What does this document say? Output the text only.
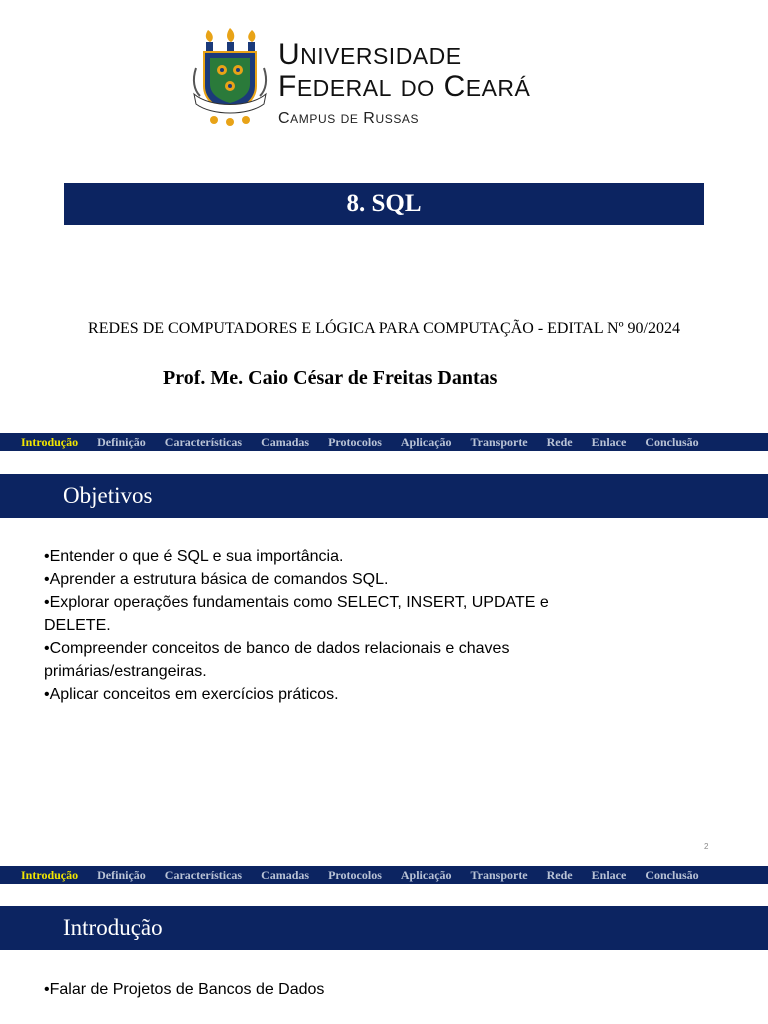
UNIVERSIDADE
FEDERAL DO CEARÁ
CAMPUS DE RUSSAS
8. SQL
REDES DE COMPUTADORES E LÓGICA PARA COMPUTAÇÃO - EDITAL Nº 90/2024
Prof. Me. Caio César de Freitas Dantas
Introdução Definição Características Camadas Protocolos Aplicação Transporte Rede Enlace Conclusão
Objetivos

•Entender o que é SQL e sua importância.

•Aprender a estrutura básica de comandos SQL.

•Explorar operações fundamentais como SELECT, INSERT, UPDATE e DELETE.

•Compreender conceitos de banco de dados relacionais e chaves primárias/estrangeiras.

•Aplicar conceitos em exercícios práticos.

2
Introdução Definição Características Camadas Protocolos Aplicação Transporte Rede Enlace Conclusão
Introdução

•Falar de Projetos de Bancos de Dados
